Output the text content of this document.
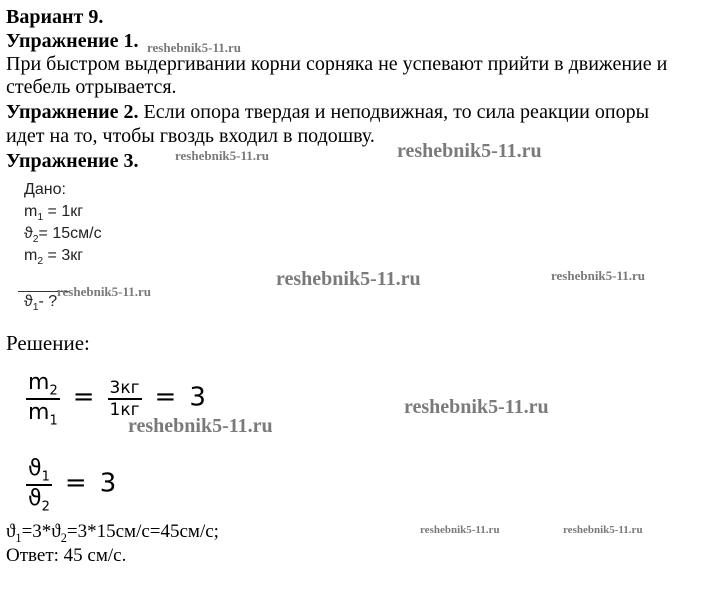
Вариант 9.
Упражнение 1. reshebnik5-11.ru
При быстром выдергивании корни сорняка не успевают прийти в движение и
стебель отрывается.
Упражнение 2. Если опора твердая и неподвижная, то сила реакции опоры
идет на то, чтобы гвоздь входил в подошву.
Упражнение 3.	reshebnik5-11.ru	reshebnik5-11.ru
Дано:
$m_1 = 1кг$
$ϑ_2= 15см/с$
$m_2 = 3кг$
$ϑ_1-$ ?
reshebnik5-11.ru
reshebnik5-11.ru	reshebnik5-11.ru
Решение:
$\frac{m_2}{m_1} = \frac{3кг}{1кг} = 3$
reshebnik5-11.ru
reshebnik5-11.ru
$\frac{ϑ_1}{ϑ_2} = 3$
$ϑ_1=3*ϑ_2=3*15см/с=45см/с$;	reshebnik5-11.ru	reshebnik5-11.ru
Ответ: 45 см/с.
